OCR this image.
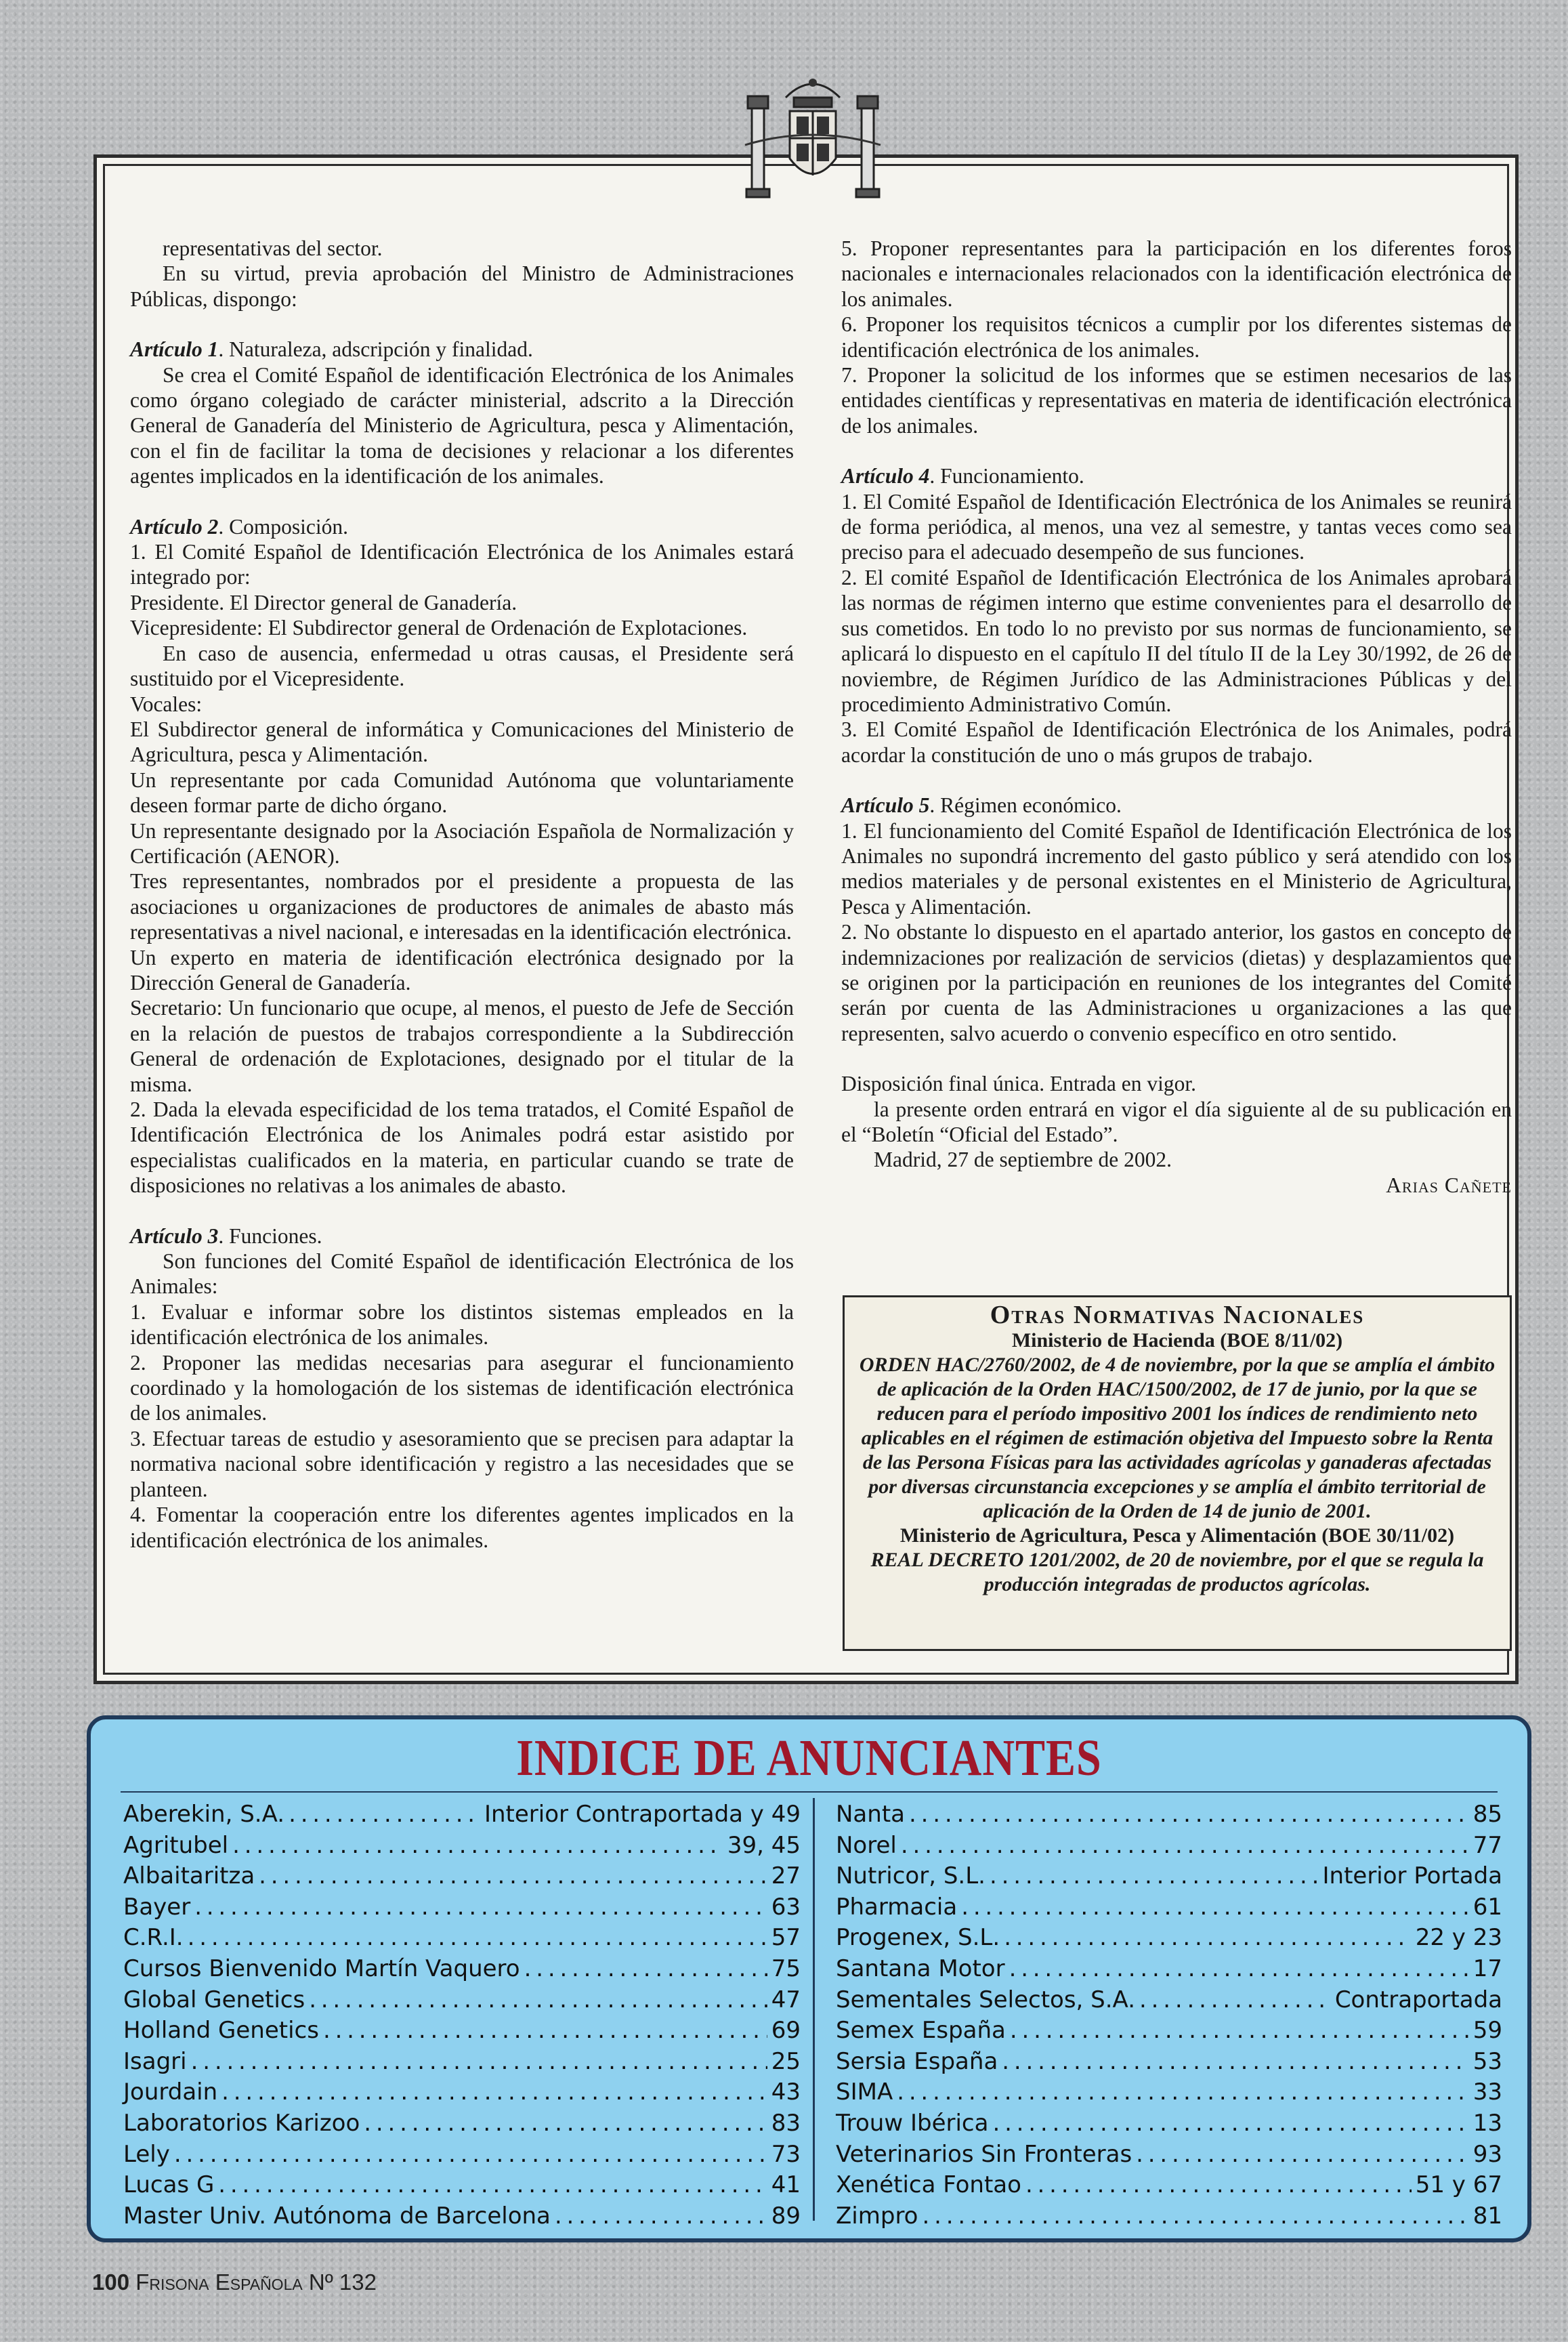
representativas del sector.

En su virtud, previa aprobación del Ministro de Administraciones Públicas, dispongo:

Artículo 1. Naturaleza, adscripción y finalidad.

Se crea el Comité Español de identificación Electrónica de los Animales como órgano colegiado de carácter ministerial, adscrito a la Dirección General de Ganadería del Ministerio de Agricultura, pesca y Alimentación, con el fin de facilitar la toma de decisiones y relacionar a los diferentes agentes implicados en la identificación de los animales.

Artículo 2. Composición.

1. El Comité Español de Identificación Electrónica de los Animales estará integrado por:

Presidente. El Director general de Ganadería.

Vicepresidente: El Subdirector general de Ordenación de Explotaciones.

En caso de ausencia, enfermedad u otras causas, el Presidente será sustituido por el Vicepresidente.

Vocales:

El Subdirector general de informática y Comunicaciones del Ministerio de Agricultura, pesca y Alimentación.

Un representante por cada Comunidad Autónoma que voluntariamente deseen formar parte de dicho órgano.

Un representante designado por la Asociación Española de Normalización y Certificación (AENOR).

Tres representantes, nombrados por el presidente a propuesta de las asociaciones u organizaciones de productores de animales de abasto más representativas a nivel nacional, e interesadas en la identificación electrónica.

Un experto en materia de identificación electrónica designado por la Dirección General de Ganadería.

Secretario: Un funcionario que ocupe, al menos, el puesto de Jefe de Sección en la relación de puestos de trabajos correspondiente a la Subdirección General de ordenación de Explotaciones, designado por el titular de la misma.

2. Dada la elevada especificidad de los tema tratados, el Comité Español de Identificación Electrónica de los Animales podrá estar asistido por especialistas cualificados en la materia, en particular cuando se trate de disposiciones no relativas a los animales de abasto.

Artículo 3. Funciones.

Son funciones del Comité Español de identificación Electrónica de los Animales:

1. Evaluar e informar sobre los distintos sistemas empleados en la identificación electrónica de los animales.

2. Proponer las medidas necesarias para asegurar el funcionamiento coordinado y la homologación de los sistemas de identificación electrónica de los animales.

3. Efectuar tareas de estudio y asesoramiento que se precisen para adaptar la normativa nacional sobre identificación y registro a las necesidades que se planteen.

4. Fomentar la cooperación entre los diferentes agentes implicados en la identificación electrónica de los animales.

5. Proponer representantes para la participación en los diferentes foros nacionales e internacionales relacionados con la identificación electrónica de los animales.

6. Proponer los requisitos técnicos a cumplir por los diferentes sistemas de identificación electrónica de los animales.

7. Proponer la solicitud de los informes que se estimen necesarios de las entidades científicas y representativas en materia de identificación electrónica de los animales.

Artículo 4. Funcionamiento.

1. El Comité Español de Identificación Electrónica de los Animales se reunirá de forma periódica, al menos, una vez al semestre, y tantas veces como sea preciso para el adecuado desempeño de sus funciones.

2. El comité Español de Identificación Electrónica de los Animales aprobará las normas de régimen interno que estime convenientes para el desarrollo de sus cometidos. En todo lo no previsto por sus normas de funcionamiento, se aplicará lo dispuesto en el capítulo II del título II de la Ley 30/1992, de 26 de noviembre, de Régimen Jurídico de las Administraciones Públicas y del procedimiento Administrativo Común.

3. El Comité Español de Identificación Electrónica de los Animales, podrá acordar la constitución de uno o más grupos de trabajo.

Artículo 5. Régimen económico.

1. El funcionamiento del Comité Español de Identificación Electrónica de los Animales no supondrá incremento del gasto público y será atendido con los medios materiales y de personal existentes en el Ministerio de Agricultura, Pesca y Alimentación.

2. No obstante lo dispuesto en el apartado anterior, los gastos en concepto de indemnizaciones por realización de servicios (dietas) y desplazamientos que se originen por la participación en reuniones de los integrantes del Comité serán por cuenta de las Administraciones u organizaciones a las que representen, salvo acuerdo o convenio específico en otro sentido.

Disposición final única. Entrada en vigor.

la presente orden entrará en vigor el día siguiente al de su publicación en el “Boletín “Oficial del Estado”.

Madrid, 27 de septiembre de 2002.

Arias Cañete

Otras Normativas Nacionales

Ministerio de Hacienda (BOE 8/11/02)

ORDEN HAC/2760/2002, de 4 de noviembre, por la que se amplía el ámbito de aplicación de la Orden HAC/1500/2002, de 17 de junio, por la que se reducen para el período impositivo 2001 los índices de rendimiento neto aplicables en el régimen de estimación objetiva del Impuesto sobre la Renta de las Persona Físicas para las actividades agrícolas y ganaderas afectadas por diversas circunstancia excepciones y se amplía el ámbito territorial de aplicación de la Orden de 14 de junio de 2001.

Ministerio de Agricultura, Pesca y Alimentación (BOE 30/11/02)

REAL DECRETO 1201/2002, de 20 de noviembre, por el que se regula la producción integradas de productos agrícolas.

INDICE DE ANUNCIANTES
Aberekin, S.A. . . .	Interior Contraportada y 49
Agritubel . . .	39, 45
Albaitaritza . . .	27
Bayer . . .	63
C.R.I. . . .	57
Cursos Bienvenido Martín Vaquero . . .	75
Global Genetics . . .	47
Holland Genetics . . .	69
Isagri . . .	25
Jourdain . . .	43
Laboratorios Karizoo . . .	83
Lely . . .	73
Lucas G . . .	41
Master Univ. Autónoma de Barcelona . . .	89
Nanta . . .	85
Norel . . .	77
Nutricor, S.L. . . .	Interior Portada
Pharmacia . . .	61
Progenex, S.L. . . .	22 y 23
Santana Motor . . .	17
Sementales Selectos, S.A. . . .	Contraportada
Semex España . . .	59
Sersia España . . .	53
SIMA . . .	33
Trouw Ibérica . . .	13
Veterinarios Sin Fronteras . . .	93
Xenética Fontao . . .	51 y 67
Zimpro . . .	81
100 Frisona Española Nº 132
